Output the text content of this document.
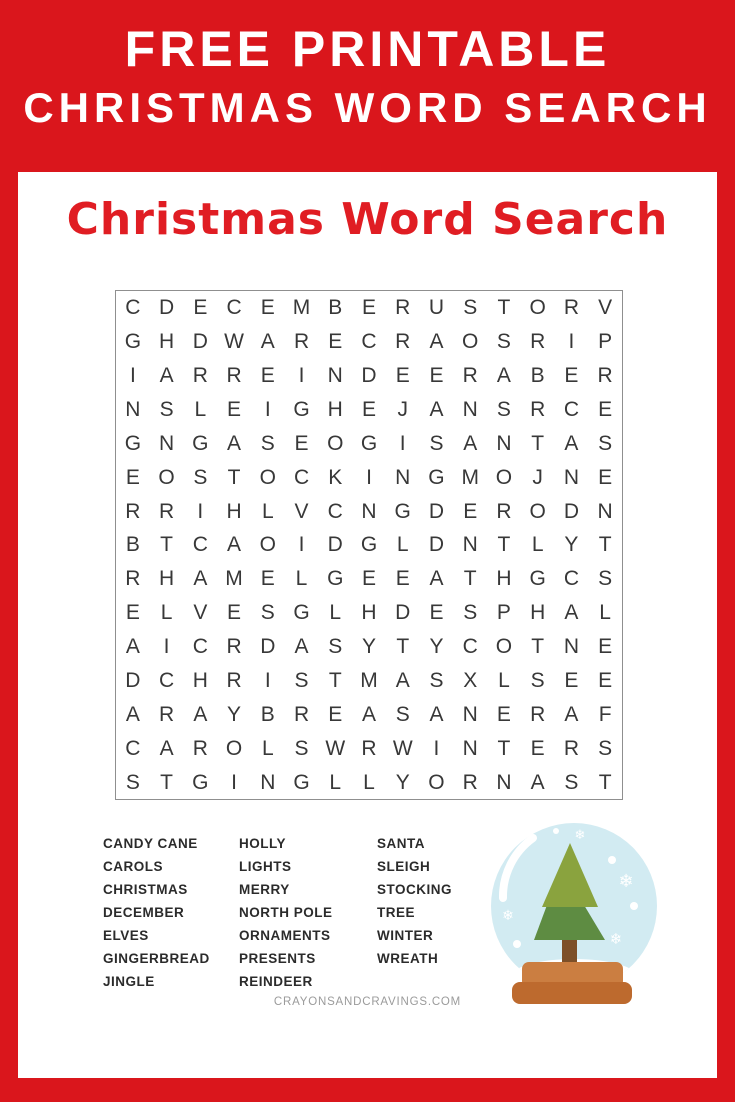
FREE PRINTABLE
CHRISTMAS WORD SEARCH
Christmas Word Search
C D E C E M B E R U S T O R V
G H D W A R E C R A O S R	I	P
I	A R R E	I	N D E E R A B E R
N S L E	I	G H E	J	A N S R C E
G N G A S E O G	I	S A N T A S
E O S T O C K	I	N G M O J N E
R R	I	H L V C N G D E R O D N
B T C A O	I	D G L D N T	L Y T
R H A M E L G E E A T H G C S
E L V E S G L H D E S P H A L
A	I	C R D A S Y T Y C O T N E
D C H R	I	S T M A S X L S E E
A R A Y B R E A S A N E R A F
C A R O L S W R W I	N T E R S
S T G	I	N G L	L Y O R N A S T
CANDY CANE
CAROLS
CHRISTMAS
DECEMBER
ELVES
GINGERBREAD
JINGLE
HOLLY
LIGHTS
MERRY
NORTH POLE
ORNAMENTS
PRESENTS
REINDEER
SANTA
SLEIGH
STOCKING
TREE
WINTER
WREATH
CRAYONSANDCRAVINGS.COM
❄
❄
❄
❄
